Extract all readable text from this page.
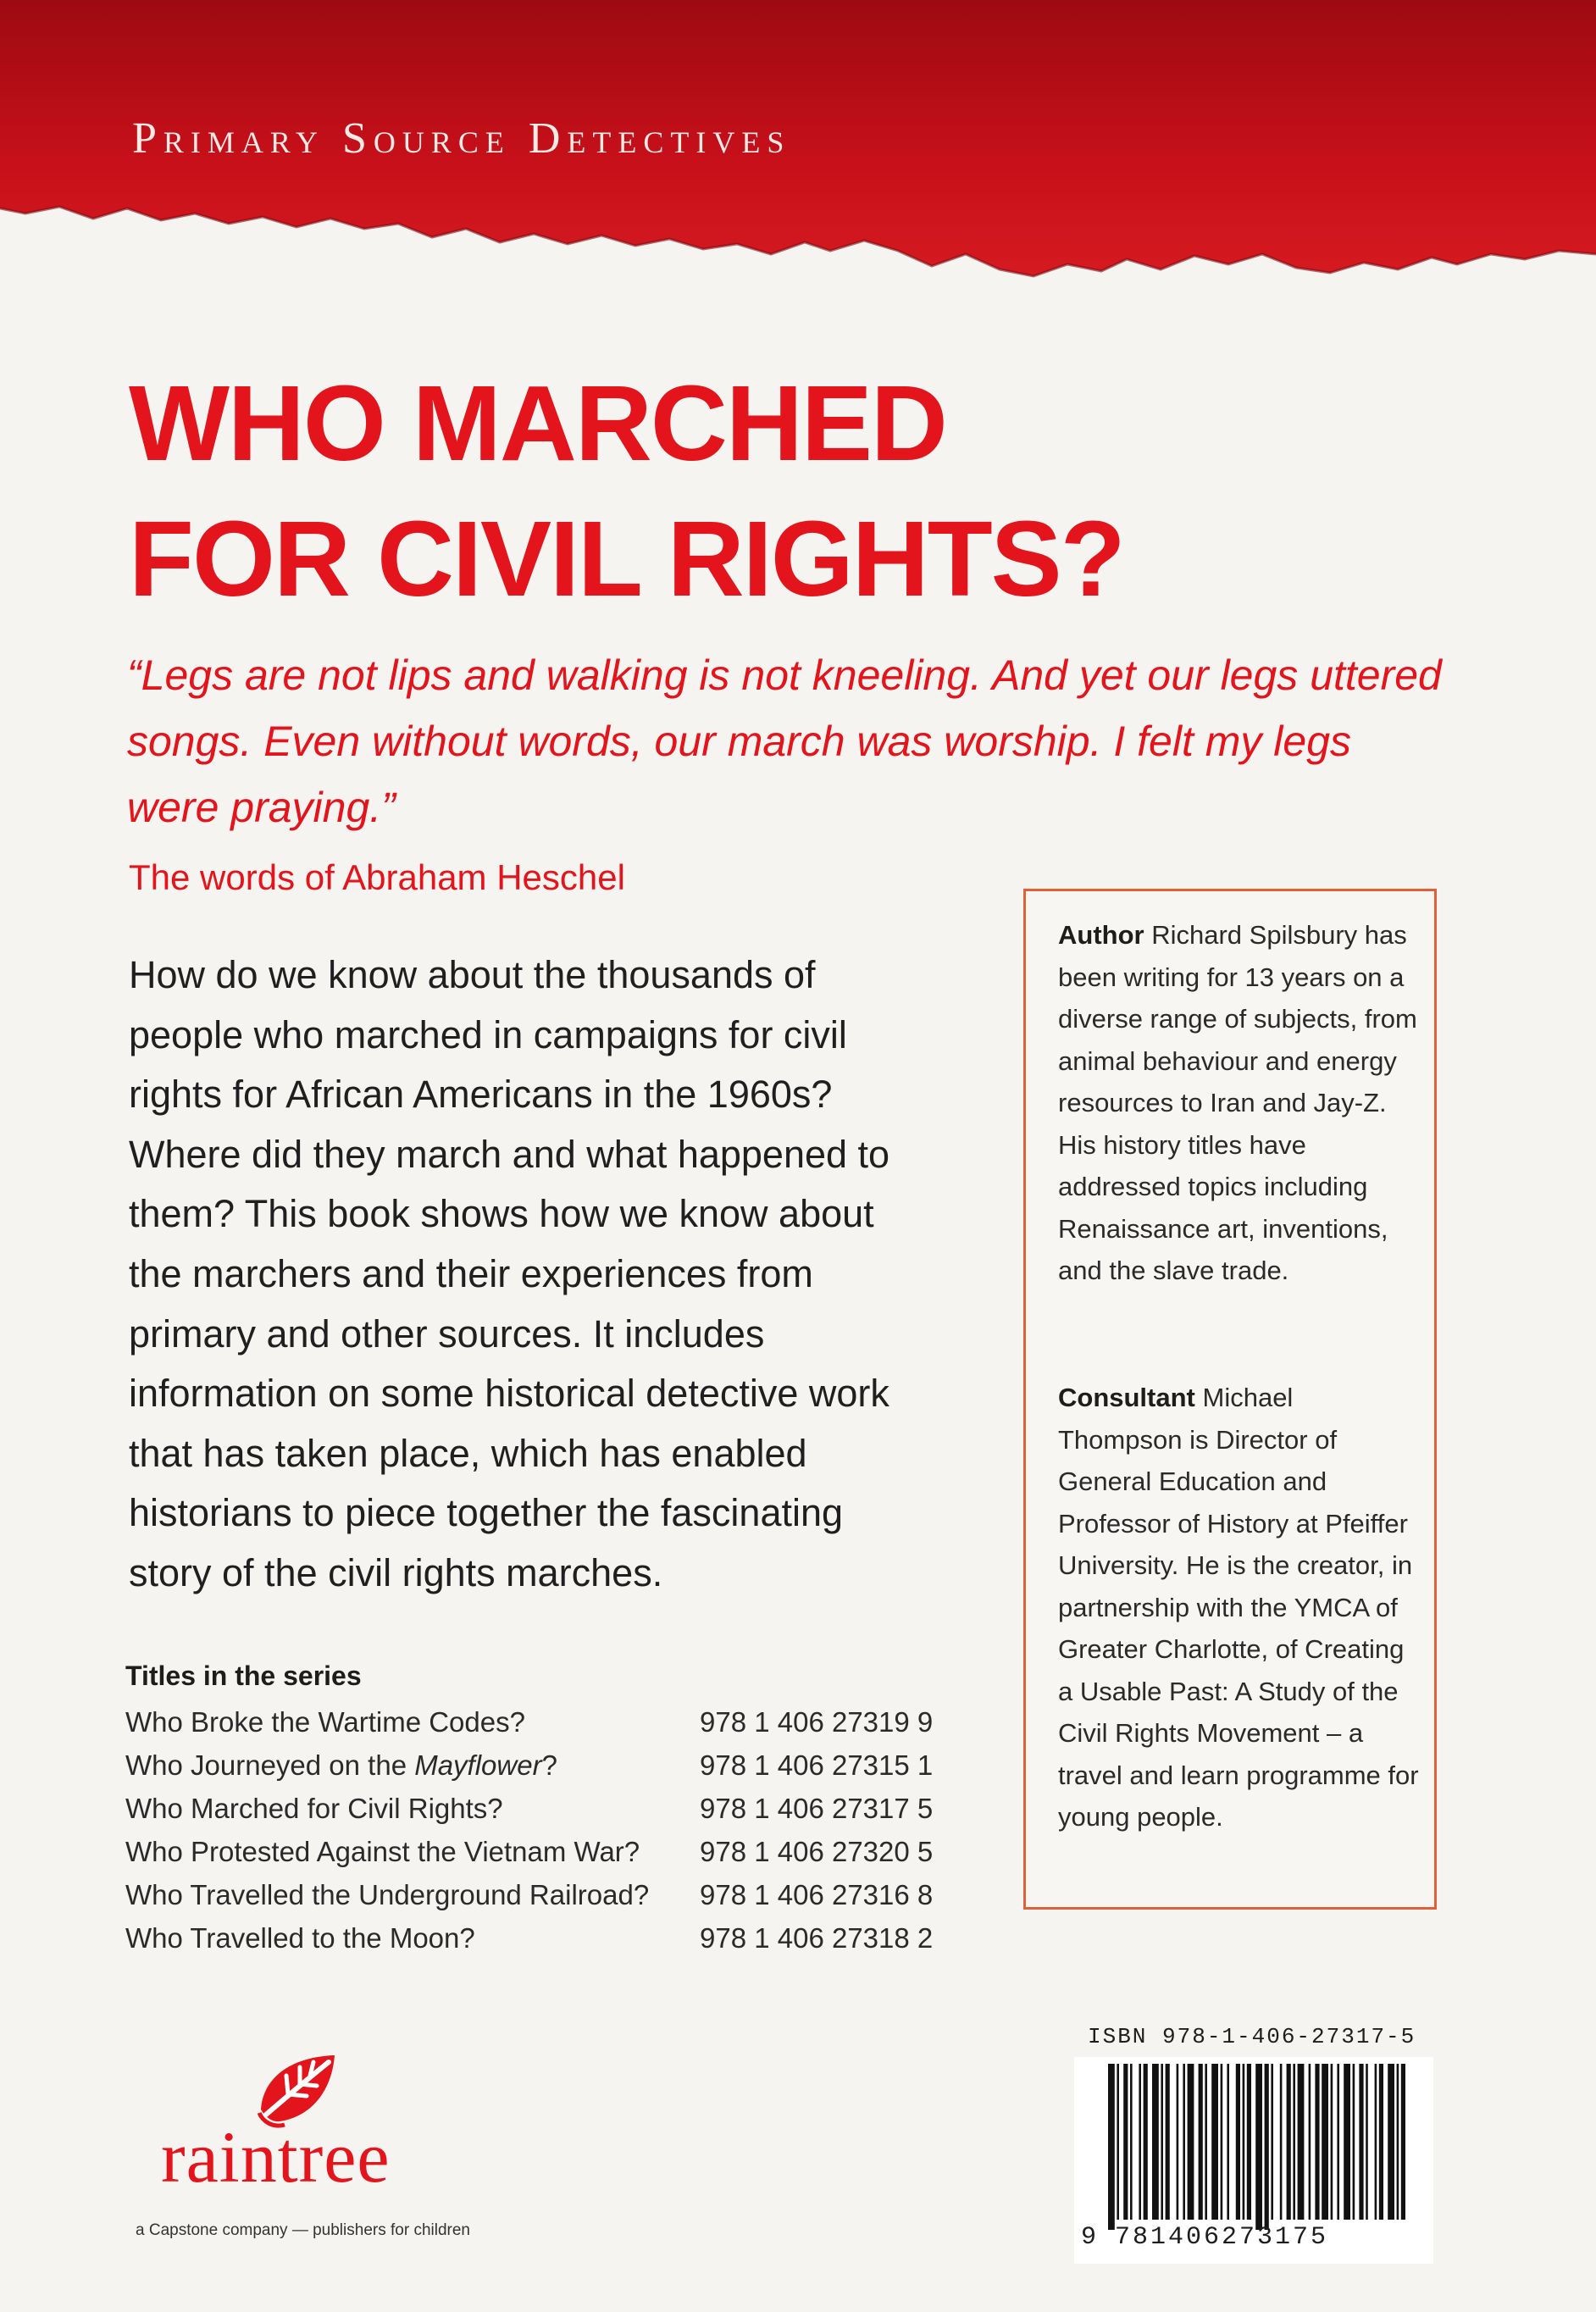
Primary Source Detectives
WHO MARCHED
FOR CIVIL RIGHTS?

“Legs are not lips and walking is not kneeling. And yet our legs uttered songs. Even without words, our march was worship. I felt my legs were praying.”

The words of Abraham Heschel

How do we know about the thousands of people who marched in campaigns for civil rights for African Americans in the 1960s? Where did they march and what happened to them? This book shows how we know about the marchers and their experiences from primary and other sources. It includes information on some historical detective work that has taken place, which has enabled historians to piece together the fascinating story of the civil rights marches.

Titles in the series
Who Broke the Wartime Codes?	978 1 406 27319 9
Who Journeyed on the Mayflower?	978 1 406 27315 1
Who Marched for Civil Rights?	978 1 406 27317 5
Who Protested Against the Vietnam War? 978 1 406 27320 5
Who Travelled the Underground Railroad? 978 1 406 27316 8
Who Travelled to the Moon?	978 1 406 27318 2

Author Richard Spilsbury has been writing for 13 years on a diverse range of subjects, from animal behaviour and energy resources to Iran and Jay-Z. His history titles have addressed topics including Renaissance art, inventions, and the slave trade.

Consultant Michael Thompson is Director of General Education and Professor of History at Pfeiffer University. He is the creator, in partnership with the YMCA of Greater Charlotte, of Creating a Usable Past: A Study of the Civil Rights Movement – a travel and learn programme for young people.

raintree
a Capstone company — publishers for children
ISBN 978-1-406-27317-5
9 781406273175
